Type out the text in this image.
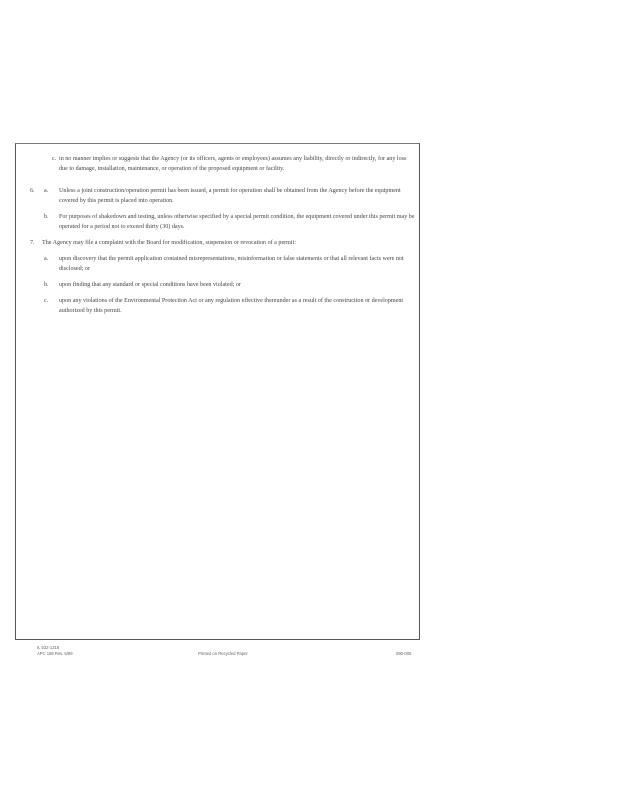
c. in no manner implies or suggests that the Agency (or its officers, agents or employees) assumes any liability, directly or indirectly, for any loss due to damage, installation, maintenance, or operation of the proposed equipment or facility.
6. a. Unless a joint construction/operation permit has been issued, a permit for operation shall be obtained from the Agency before the equipment covered by this permit is placed into operation.
b. For purposes of shakedown and testing, unless otherwise specified by a special permit condition, the equipment covered under this permit may be operated for a period not to exceed thirty (30) days.
7. The Agency may file a complaint with the Board for modification, suspension or revocation of a permit:
a. upon discovery that the permit application contained misrepresentations, misinformation or false statements or that all relevant facts were not disclosed; or
b. upon finding that any standard or special conditions have been violated; or
c. upon any violations of the Environmental Protection Act or any regulation effective thereunder as a result of the construction or development authorized by this permit.
IL 532-1218
APC 166 Rev. 5/99	Printed on Recycled Paper	090-005
